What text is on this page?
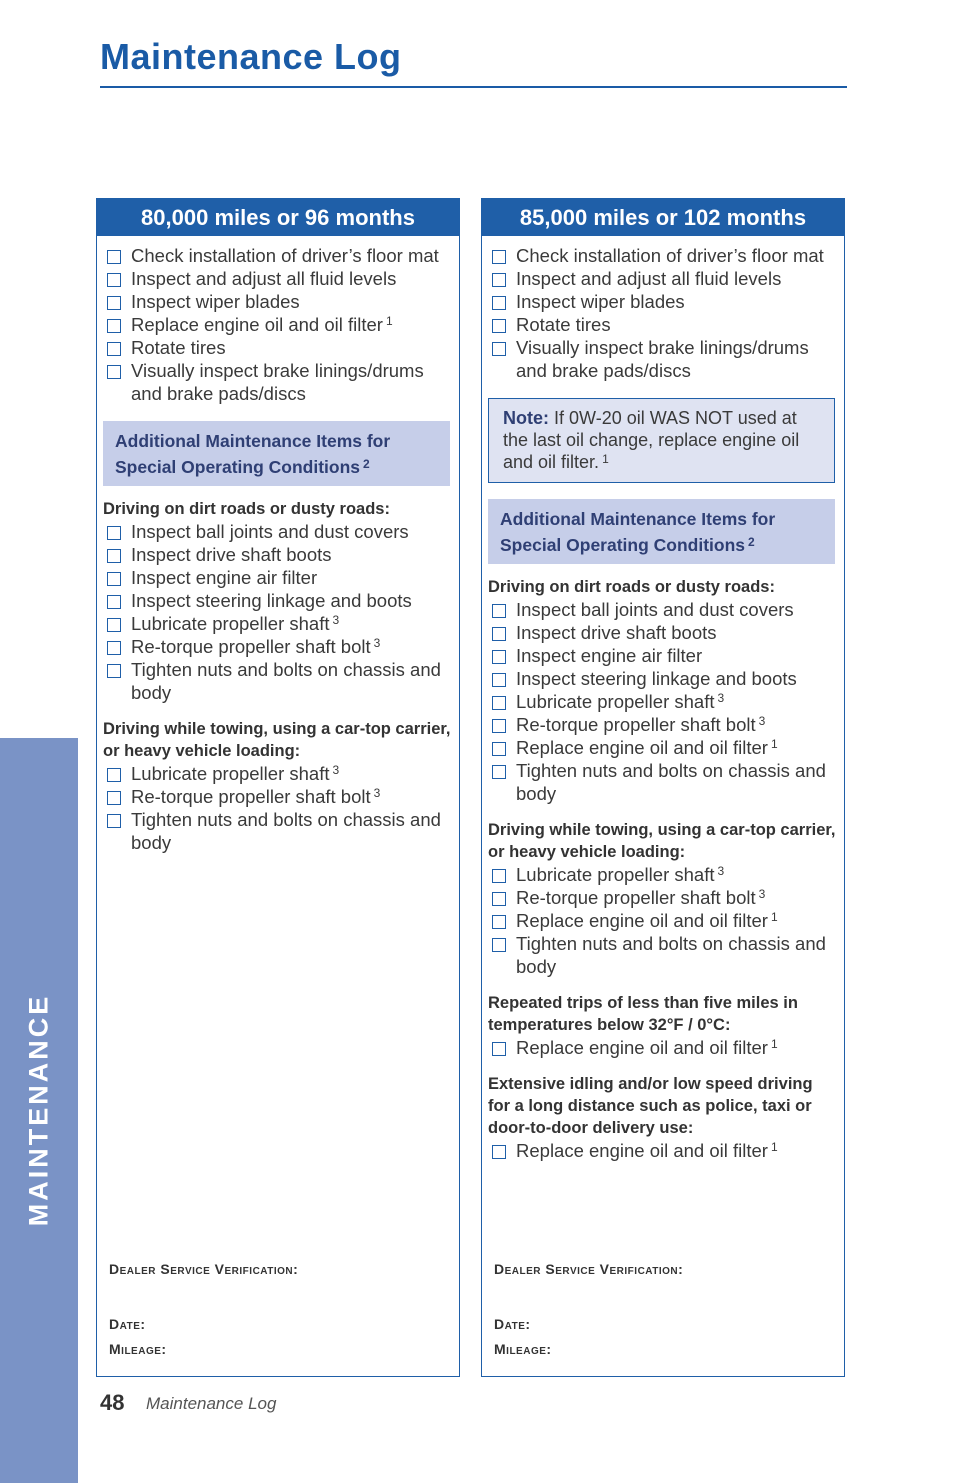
Maintenance Log
MAINTENANCE
80,000 miles or 96 months
Check installation of driver’s floor mat
Inspect and adjust all fluid levels
Inspect wiper blades
Replace engine oil and oil filter $^1$
Rotate tires
Visually inspect brake linings/drums and brake pads/discs
Additional Maintenance Items for
Special Operating Conditions $^2$
Driving on dirt roads or dusty roads:
Inspect ball joints and dust covers
Inspect drive shaft boots
Inspect engine air filter
Inspect steering linkage and boots
Lubricate propeller shaft $^3$
Re-torque propeller shaft bolt $^3$
Tighten nuts and bolts on chassis and body
Driving while towing, using a car-top carrier, or heavy vehicle loading:
Lubricate propeller shaft $^3$
Re-torque propeller shaft bolt $^3$
Tighten nuts and bolts on chassis and body
Dealer Service Verification:
Date:
Mileage:
85,000 miles or 102 months
Check installation of driver’s floor mat
Inspect and adjust all fluid levels
Inspect wiper blades
Rotate tires
Visually inspect brake linings/drums and brake pads/discs
Note: If 0W-20 oil WAS NOT used at the last oil change, replace engine oil and oil filter. $^1$
Additional Maintenance Items for
Special Operating Conditions $^2$
Driving on dirt roads or dusty roads:
Inspect ball joints and dust covers
Inspect drive shaft boots
Inspect engine air filter
Inspect steering linkage and boots
Lubricate propeller shaft $^3$
Re-torque propeller shaft bolt $^3$
Replace engine oil and oil filter $^1$
Tighten nuts and bolts on chassis and body
Driving while towing, using a car-top carrier, or heavy vehicle loading:
Lubricate propeller shaft $^3$
Re-torque propeller shaft bolt $^3$
Replace engine oil and oil filter $^1$
Tighten nuts and bolts on chassis and body
Repeated trips of less than five miles in temperatures below 32°F / 0°C:
Replace engine oil and oil filter $^1$
Extensive idling and/or low speed driving for a long distance such as police, taxi or door-to-door delivery use:
Replace engine oil and oil filter $^1$
Dealer Service Verification:
Date:
Mileage:
48 Maintenance Log
